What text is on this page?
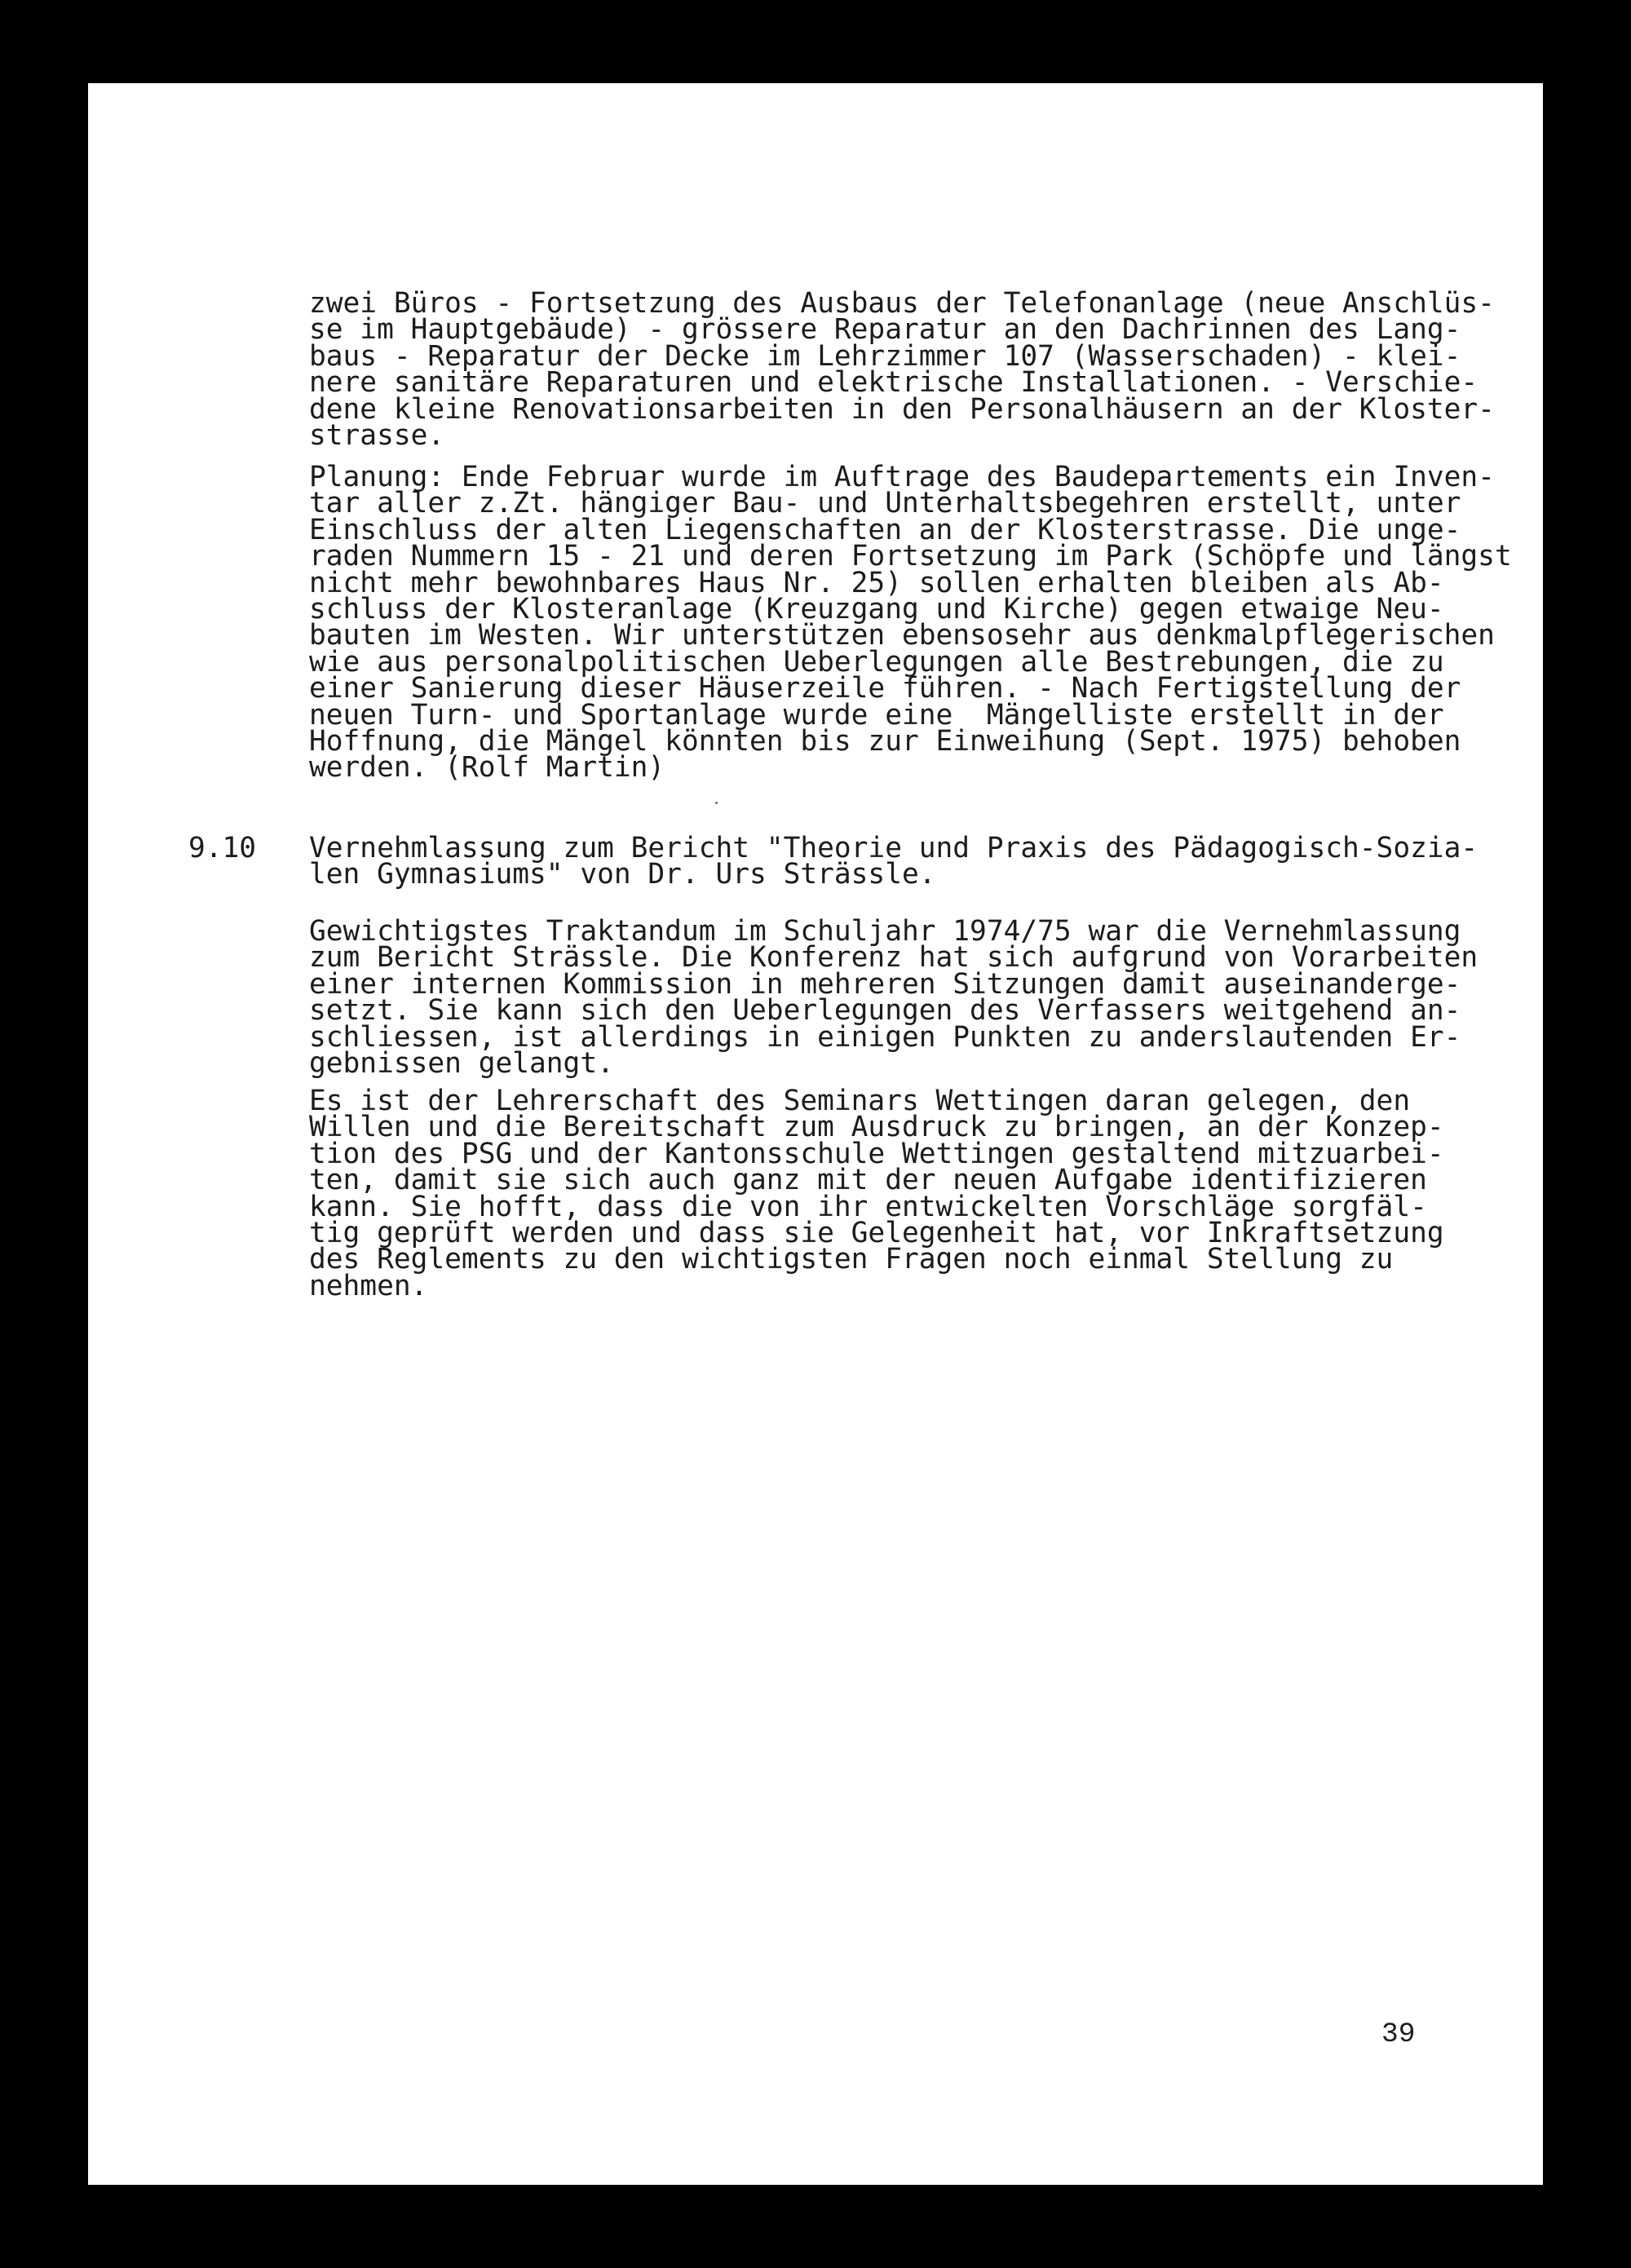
zwei Büros - Fortsetzung des Ausbaus der Telefonanlage (neue Anschlüs-
se im Hauptgebäude) - grössere Reparatur an den Dachrinnen des Lang-
baus - Reparatur der Decke im Lehrzimmer 107 (Wasserschaden) - klei-
nere sanitäre Reparaturen und elektrische Installationen. - Verschie-
dene kleine Renovationsarbeiten in den Personalhäusern an der Kloster-
strasse.
Planung: Ende Februar wurde im Auftrage des Baudepartements ein Inven-
tar aller z.Zt. hängiger Bau- und Unterhaltsbegehren erstellt, unter
Einschluss der alten Liegenschaften an der Klosterstrasse. Die unge-
raden Nummern 15 - 21 und deren Fortsetzung im Park (Schöpfe und längst
nicht mehr bewohnbares Haus Nr. 25) sollen erhalten bleiben als Ab-
schluss der Klosteranlage (Kreuzgang und Kirche) gegen etwaige Neu-
bauten im Westen. Wir unterstützen ebensosehr aus denkmalpflegerischen
wie aus personalpolitischen Ueberlegungen alle Bestrebungen, die zu
einer Sanierung dieser Häuserzeile führen. - Nach Fertigstellung der
neuen Turn- und Sportanlage wurde eine  Mängelliste erstellt in der
Hoffnung, die Mängel könnten bis zur Einweihung (Sept. 1975) behoben
werden. (Rolf Martin)
9.10 Vernehmlassung zum Bericht "Theorie und Praxis des Pädagogisch-Sozia-
len Gymnasiums" von Dr. Urs Strässle.
Gewichtigstes Traktandum im Schuljahr 1974/75 war die Vernehmlassung
zum Bericht Strässle. Die Konferenz hat sich aufgrund von Vorarbeiten
einer internen Kommission in mehreren Sitzungen damit auseinanderge-
setzt. Sie kann sich den Ueberlegungen des Verfassers weitgehend an-
schliessen, ist allerdings in einigen Punkten zu anderslautenden Er-
gebnissen gelangt.
Es ist der Lehrerschaft des Seminars Wettingen daran gelegen, den
Willen und die Bereitschaft zum Ausdruck zu bringen, an der Konzep-
tion des PSG und der Kantonsschule Wettingen gestaltend mitzuarbei-
ten, damit sie sich auch ganz mit der neuen Aufgabe identifizieren
kann. Sie hofft, dass die von ihr entwickelten Vorschläge sorgfäl-
tig geprüft werden und dass sie Gelegenheit hat, vor Inkraftsetzung
des Reglements zu den wichtigsten Fragen noch einmal Stellung zu
nehmen.
39
